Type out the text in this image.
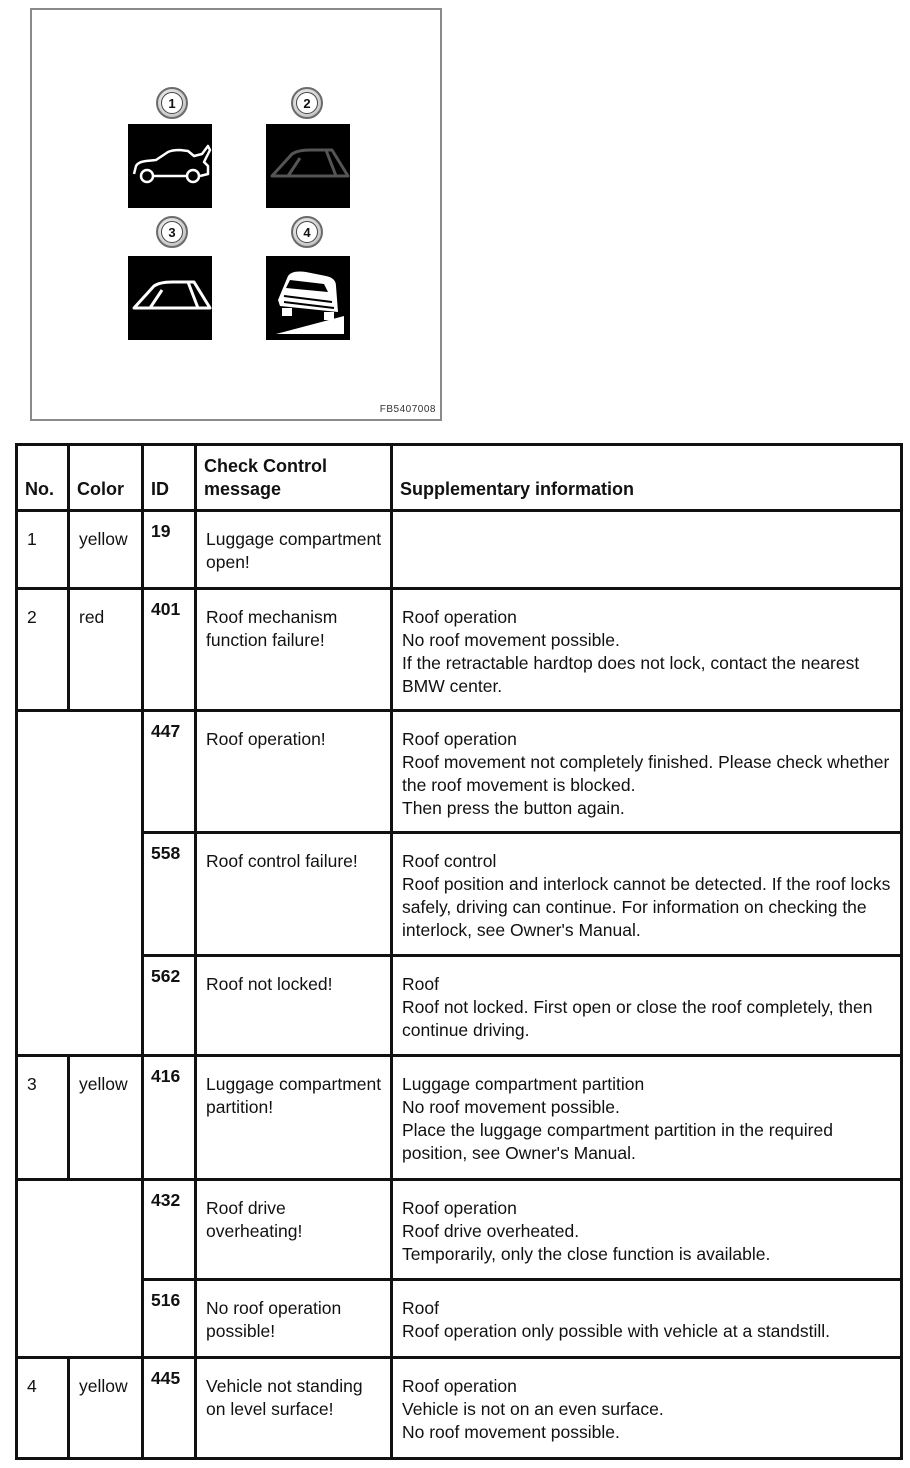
1	2
3	4
FB5407008
No.	Color	ID	Check Control message	Supplementary information
1	yellow	19	Luggage compartment open!	
2	red	401	Roof mechanism function failure!	Roof operation
No roof movement possible.
If the retractable hardtop does not lock, contact the nearest BMW center.

		447	Roof operation!	Roof operation
Roof movement not completely finished. Please check whether the roof movement is blocked.
Then press the button again.

		558	Roof control failure!	Roof control
Roof position and interlock cannot be detected. If the roof locks safely, driving can continue. For information on checking the interlock, see Owner's Manual.

		562	Roof not locked!	Roof
Roof not locked. First open or close the roof completely, then continue driving.

3	yellow	416	Luggage compartment partition!	Luggage compartment partition
No roof movement possible.
Place the luggage compartment partition in the required position, see Owner's Manual.

		432	Roof drive overheating!	Roof operation
Roof drive overheated.
Temporarily, only the close function is available.

		516	No roof operation possible!	Roof
Roof operation only possible with vehicle at a standstill.

4	yellow	445	Vehicle not standing on level surface!	Roof operation
Vehicle is not on an even surface.
No roof movement possible.
